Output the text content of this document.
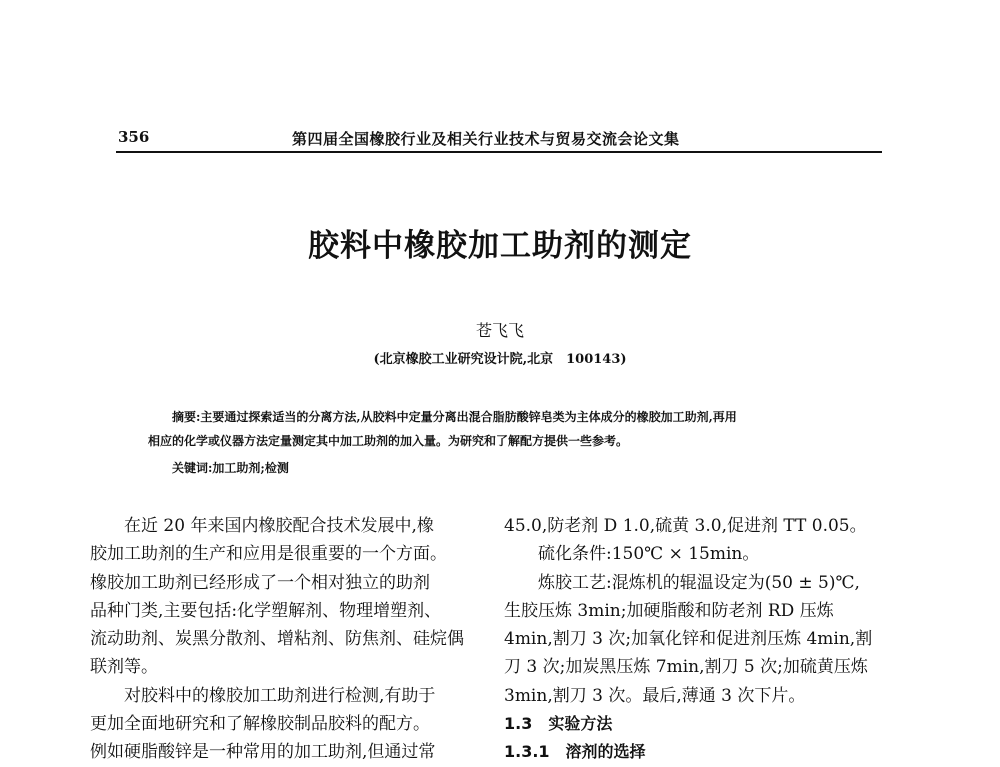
356	第四届全国橡胶行业及相关行业技术与贸易交流会论文集
胶料中橡胶加工助剂的测定
苍飞飞
(北京橡胶工业研究设计院,北京　100143)
摘要:主要通过探索适当的分离方法,从胶料中定量分离出混合脂肪酸锌皂类为主体成分的橡胶加工助剂,再用
相应的化学或仪器方法定量测定其中加工助剂的加入量。为研究和了解配方提供一些参考。
关键词:加工助剂;检测
　　在近 20 年来国内橡胶配合技术发展中,橡
胶加工助剂的生产和应用是很重要的一个方面。
橡胶加工助剂已经形成了一个相对独立的助剂
品种门类,主要包括:化学塑解剂、物理增塑剂、
流动助剂、炭黑分散剂、增粘剂、防焦剂、硅烷偶
联剂等。
　　对胶料中的橡胶加工助剂进行检测,有助于
更加全面地研究和了解橡胶制品胶料的配方。
例如硬脂酸锌是一种常用的加工助剂,但通过常
45.0,防老剂 D 1.0,硫黄 3.0,促进剂 TT 0.05。
　　硫化条件:150℃ × 15min。
　　炼胶工艺:混炼机的辊温设定为(50 ± 5)℃,
生胶压炼 3min;加硬脂酸和防老剂 RD 压炼
4min,割刀 3 次;加氧化锌和促进剂压炼 4min,割
刀 3 次;加炭黑压炼 7min,割刀 5 次;加硫黄压炼
3min,割刀 3 次。最后,薄通 3 次下片。
1.3　实验方法
1.3.1　溶剂的选择
